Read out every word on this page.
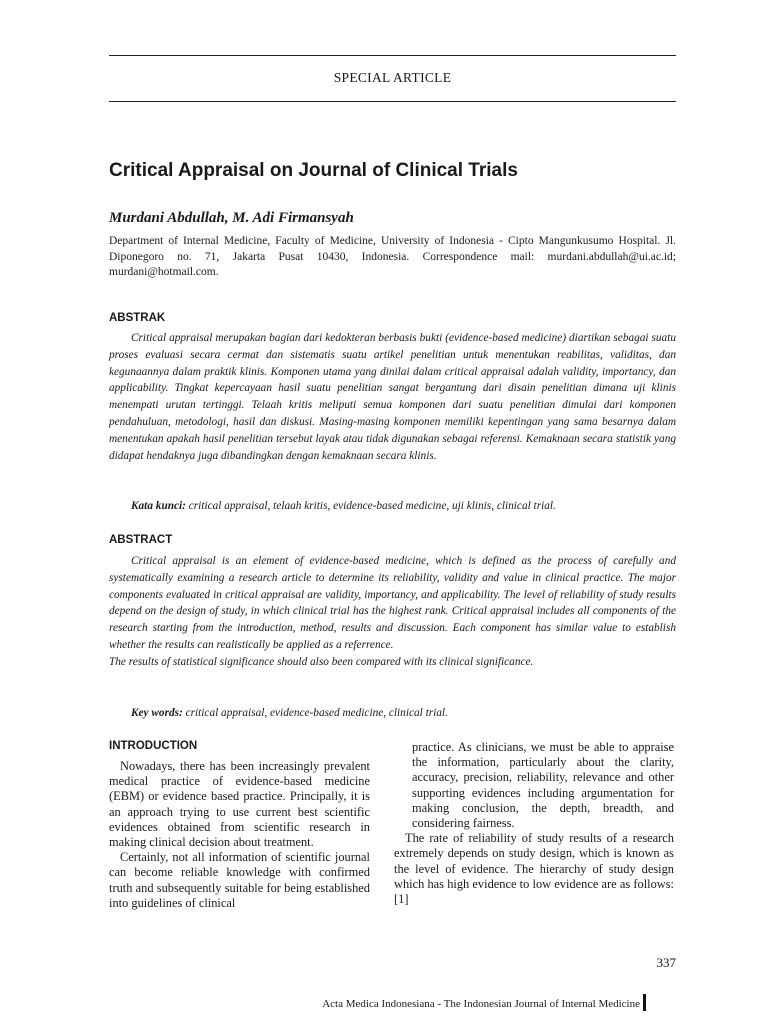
SPECIAL ARTICLE
Critical Appraisal on Journal of Clinical Trials
Murdani Abdullah, M. Adi Firmansyah
Department of Internal Medicine, Faculty of Medicine, University of Indonesia - Cipto Mangunkusumo Hospital. Jl. Diponegoro no. 71, Jakarta Pusat 10430, Indonesia. Correspondence mail: murdani.abdullah@ui.ac.id; murdani@hotmail.com.
ABSTRAK
Critical appraisal merupakan bagian dari kedokteran berbasis bukti (evidence-based medicine) diartikan sebagai suatu proses evaluasi secara cermat dan sistematis suatu artikel penelitian untuk menentukan reabilitas, validitas, dan kegunaannya dalam praktik klinis. Komponen utama yang dinilai dalam critical appraisal adalah validity, importancy, dan applicability. Tingkat kepercayaan hasil suatu penelitian sangat bergantung dari disain penelitian dimana uji klinis menempati urutan tertinggi. Telaah kritis meliputi semua komponen dari suatu penelitian dimulai dari komponen pendahuluan, metodologi, hasil dan diskusi. Masing-masing komponen memiliki kepentingan yang sama besarnya dalam menentukan apakah hasil penelitian tersebut layak atau tidak digunakan sebagai referensi. Kemaknaan secara statistik yang didapat hendaknya juga dibandingkan dengan kemaknaan secara klinis.
Kata kunci: critical appraisal, telaah kritis, evidence-based medicine, uji klinis, clinical trial.
ABSTRACT
Critical appraisal is an element of evidence-based medicine, which is defined as the process of carefully and systematically examining a research article to determine its reliability, validity and value in clinical practice. The major components evaluated in critical appraisal are validity, importancy, and applicability. The level of reliability of study results depend on the design of study, in which clinical trial has the highest rank. Critical appraisal includes all components of the research starting from the introduction, method, results and discussion. Each component has similar value to establish whether the results can realistically be applied as a referrence.
The results of statistical significance should also been compared with its clinical significance.
Key words: critical appraisal, evidence-based medicine, clinical trial.
INTRODUCTION

Nowadays, there has been increasingly prevalent medical practice of evidence-based medicine (EBM) or evidence based practice. Principally, it is an approach trying to use current best scientific evidences obtained from scientific research in making clinical decision about treatment.

Certainly, not all information of scientific journal can become reliable knowledge with confirmed truth and subsequently suitable for being established into guidelines of clinical

practice. As clinicians, we must be able to appraise the information, particularly about the clarity, accuracy, precision, reliability, relevance and other supporting evidences including argumentation for making conclusion, the depth, breadth, and considering fairness.

The rate of reliability of study results of a research extremely depends on study design, which is known as the level of evidence. The hierarchy of study design which has high evidence to low evidence are as follows: [1]

337
Acta Medica Indonesiana - The Indonesian Journal of Internal Medicine
